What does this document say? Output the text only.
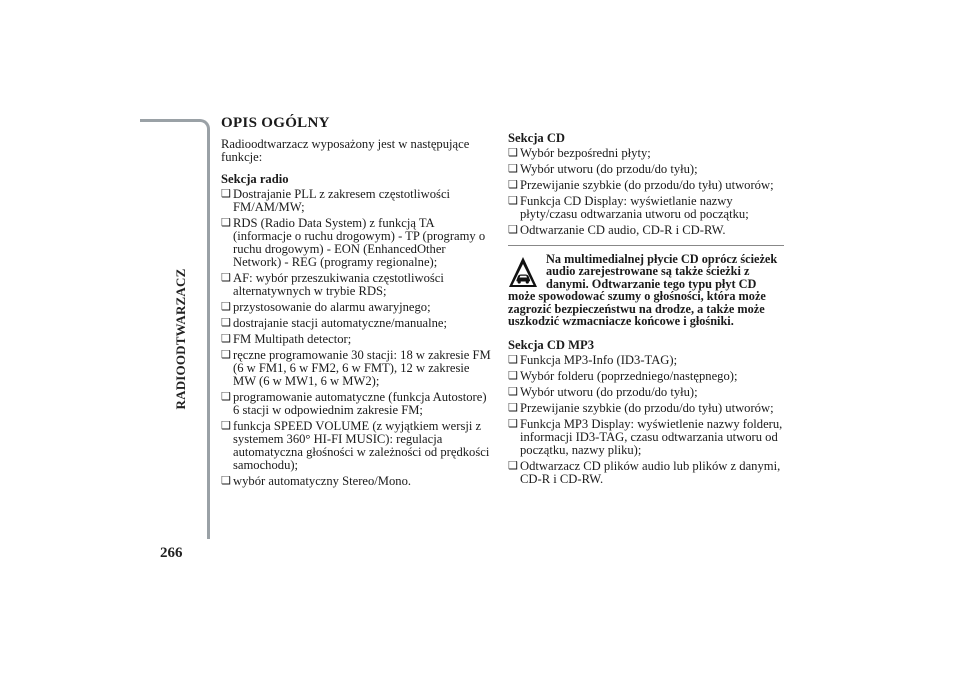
RADIOODTWARZACZ
266
OPIS OGÓLNY

Radioodtwarzacz wyposażony jest w następujące funkcje:

Sekcja radio

❑ Dostrajanie PLL z zakresem częstotliwości FM/AM/MW;
❑ RDS (Radio Data System) z funkcją TA (informacje o ruchu drogowym) - TP (programy o ruchu drogowym) - EON (EnhancedOther Network) - REG (programy regionalne);
❑ AF: wybór przeszukiwania częstotliwości alternatywnych w trybie RDS;
❑ przystosowanie do alarmu awaryjnego;
❑ dostrajanie stacji automatyczne/manualne;
❑ FM Multipath detector;
❑ ręczne programowanie 30 stacji: 18 w zakresie FM (6 w FM1, 6 w FM2, 6 w FMT), 12 w zakresie MW (6 w MW1, 6 w MW2);
❑ programowanie automatyczne (funkcja Autostore) 6 stacji w odpowiednim zakresie FM;
❑ funkcja SPEED VOLUME (z wyjątkiem wersji z systemem 360° HI-FI MUSIC): regulacja automatyczna głośności w zależności od prędkości samochodu);
❑ wybór automatyczny Stereo/Mono.

Sekcja CD

❑ Wybór bezpośredni płyty;
❑ Wybór utworu (do przodu/do tyłu);
❑ Przewijanie szybkie (do przodu/do tyłu) utworów;
❑ Funkcja CD Display: wyświetlanie nazwy płyty/czasu odtwarzania utworu od początku;
❑ Odtwarzanie CD audio, CD-R i CD-RW.
Na multimedialnej płycie CD oprócz ścieżek audio zarejestrowane są także ścieżki z danymi. Odtwarzanie tego typu płyt CD może spowodować szumy o głośności, która może zagrozić bezpieczeństwu na drodze, a także może uszkodzić wzmacniacze końcowe i głośniki.

Sekcja CD MP3

❑ Funkcja MP3-Info (ID3-TAG);
❑ Wybór folderu (poprzedniego/następnego);
❑ Wybór utworu (do przodu/do tyłu);
❑ Przewijanie szybkie (do przodu/do tyłu) utworów;
❑ Funkcja MP3 Display: wyświetlenie nazwy folderu, informacji ID3-TAG, czasu odtwarzania utworu od początku, nazwy pliku);
❑ Odtwarzacz CD plików audio lub plików z danymi, CD-R i CD-RW.
